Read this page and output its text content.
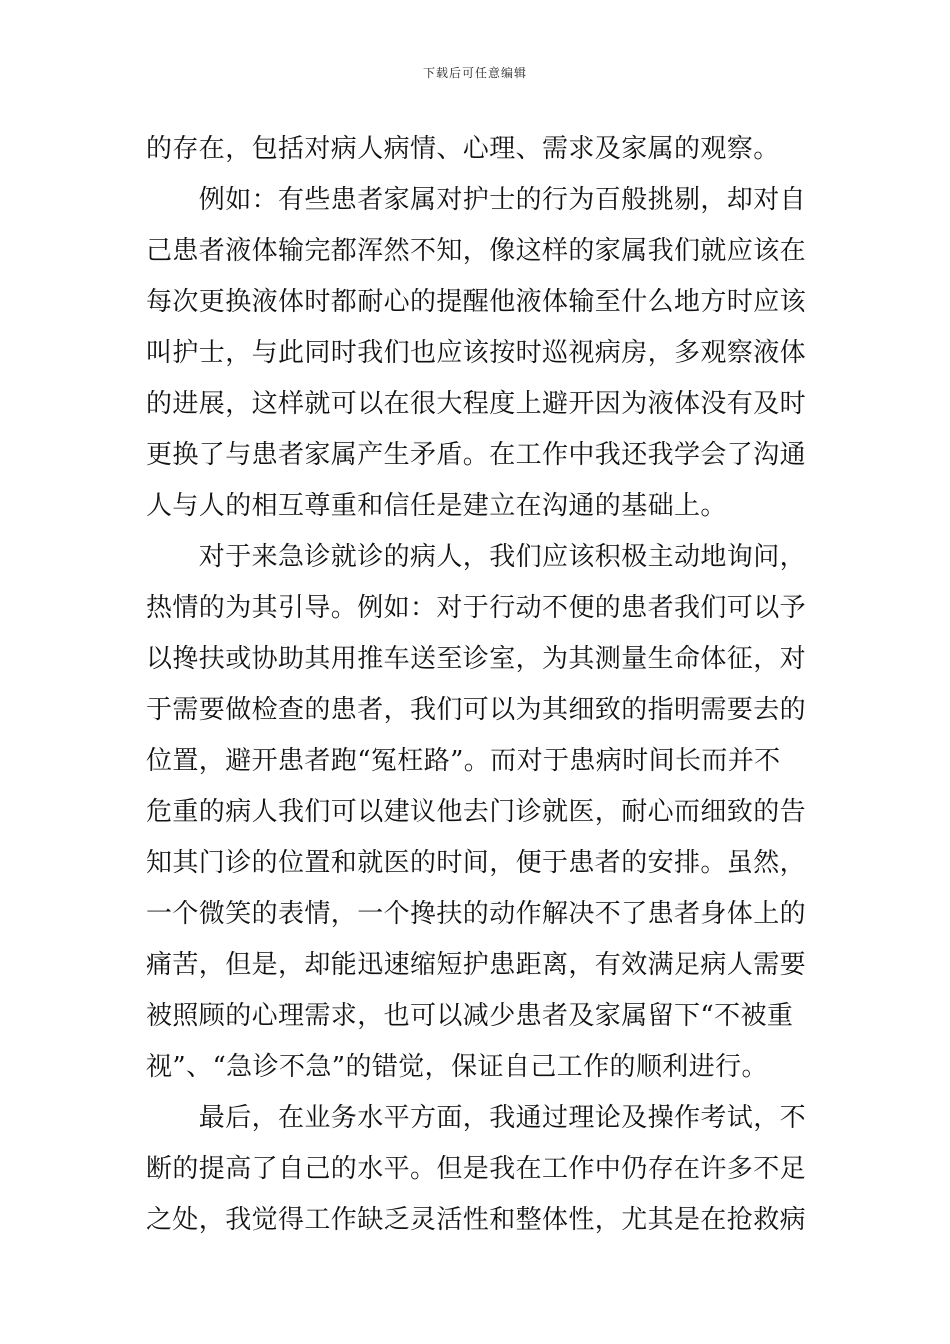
下载后可任意编辑
的存在，包括对病人病情、心理、需求及家属的观察。
　　例如：有些患者家属对护士的行为百般挑剔，却对自
己患者液体输完都浑然不知，像这样的家属我们就应该在
每次更换液体时都耐心的提醒他液体输至什么地方时应该
叫护士，与此同时我们也应该按时巡视病房，多观察液体
的进展，这样就可以在很大程度上避开因为液体没有及时
更换了与患者家属产生矛盾。在工作中我还我学会了沟通
人与人的相互尊重和信任是建立在沟通的基础上。
　　对于来急诊就诊的病人，我们应该积极主动地询问，
热情的为其引导。例如：对于行动不便的患者我们可以予
以搀扶或协助其用推车送至诊室，为其测量生命体征，对
于需要做检查的患者，我们可以为其细致的指明需要去的
位置，避开患者跑“冤枉路”。而对于患病时间长而并不
危重的病人我们可以建议他去门诊就医，耐心而细致的告
知其门诊的位置和就医的时间，便于患者的安排。虽然，
一个微笑的表情，一个搀扶的动作解决不了患者身体上的
痛苦，但是，却能迅速缩短护患距离，有效满足病人需要
被照顾的心理需求，也可以减少患者及家属留下“不被重
视”、“急诊不急”的错觉，保证自己工作的顺利进行。
　　最后，在业务水平方面，我通过理论及操作考试，不
断的提高了自己的水平。但是我在工作中仍存在许多不足
之处，我觉得工作缺乏灵活性和整体性，尤其是在抢救病
